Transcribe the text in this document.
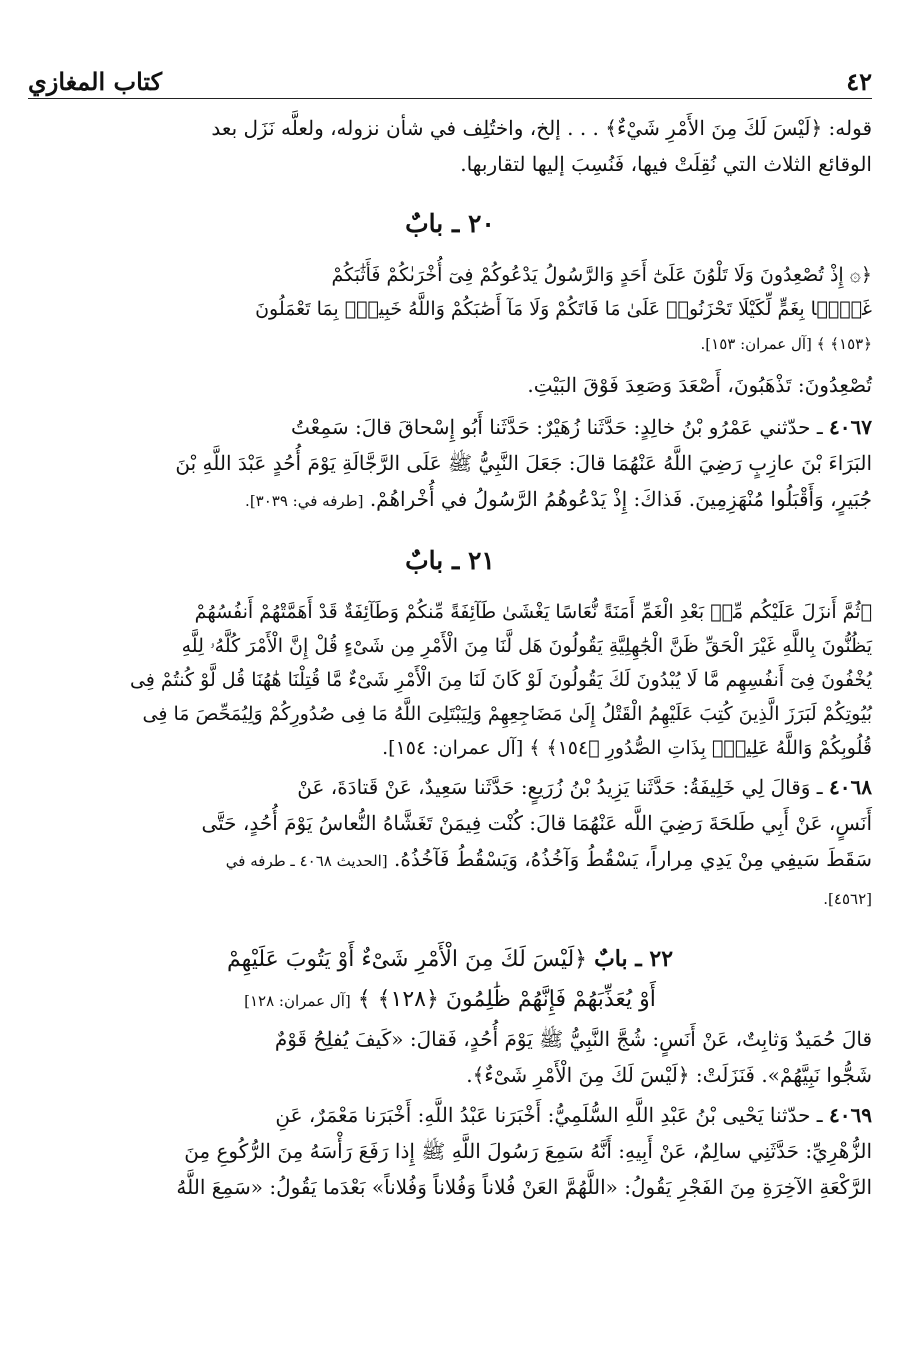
٤٢
كتاب المغازي

قوله: ﴿لَيْسَ لَكَ مِنَ الأَمْرِ شَيْءٌ﴾ . . . إلخ، واختُلِف في شأن نزوله، ولعلَّه نَزَل بعد

الوقائع الثلاث التي نُقِلَتْ فيها، فَنُسِبَ إليها لتقاربها.

٢٠ ـ بابٌ

﴿۞ إِذْ تُصْعِدُونَ وَلَا تَلْوُنَ عَلَىٰٓ أَحَدٍ وَالرَّسُولُ يَدْعُوكُمْ فِىٓ أُخْرَىٰكُمْ فَأَثَٰبَكُمْ

غَمًّۢا بِغَمٍّ لِّكَيْلَا تَحْزَنُوا۟ عَلَىٰ مَا فَاتَكُمْ وَلَا مَآ أَصَٰبَكُمْ وَاللَّهُ خَبِيرٌۢ بِمَا تَعْمَلُونَ

﴿١٥٣﴾ ﴾ [آل عمران: ١٥٣].

تُصْعِدُونَ: تَذْهَبُونَ، أَصْعَدَ وَصَعِدَ فَوْقَ البَيْتِ.

٤٠٦٧ ـ حدّثني عَمْرُو بْنُ خالِدٍ: حَدَّثَنا زُهَيْرٌ: حَدَّثَنا أَبُو إِسْحاقَ قالَ: سَمِعْتُ

البَرَاءَ بْنَ عازِبٍ رَضِيَ اللَّهُ عَنْهُمَا قالَ: جَعَلَ النَّبِيُّ ﷺ عَلَى الرَّجَّالَةِ يَوْمَ أُحُدٍ عَبْدَ اللَّهِ بْنَ

جُبَيرٍ، وَأَقْبَلُوا مُنْهَزِمِينَ. فَذاكَ: إِذْ يَدْعُوهُمُ الرَّسُولُ في أُخْراهُمْ. [طرفه في: ٣٠٣٩].

٢١ ـ بابٌ

﴿ثُمَّ أَنزَلَ عَلَيْكُم مِّنۢ بَعْدِ الْغَمِّ أَمَنَةً نُّعَاسًا يَغْشَىٰ طَآئِفَةً مِّنكُمْ وَطَآئِفَةٌ قَدْ أَهَمَّتْهُمْ أَنفُسُهُمْ

يَظُنُّونَ بِاللَّهِ غَيْرَ الْحَقِّ ظَنَّ الْجَٰهِلِيَّةِ يَقُولُونَ هَل لَّنَا مِنَ الْأَمْرِ مِن شَىْءٍ قُلْ إِنَّ الْأَمْرَ كُلَّهُۥ لِلَّهِ

يُخْفُونَ فِىٓ أَنفُسِهِم مَّا لَا يُبْدُونَ لَكَ يَقُولُونَ لَوْ كَانَ لَنَا مِنَ الْأَمْرِ شَىْءٌ مَّا قُتِلْنَا هَٰهُنَا قُل لَّوْ كُنتُمْ فِى

بُيُوتِكُمْ لَبَرَزَ الَّذِينَ كُتِبَ عَلَيْهِمُ الْقَتْلُ إِلَىٰ مَضَاجِعِهِمْ وَلِيَبْتَلِىَ اللَّهُ مَا فِى صُدُورِكُمْ وَلِيُمَحِّصَ مَا فِى

قُلُوبِكُمْ وَاللَّهُ عَلِيمٌۢ بِذَاتِ الصُّدُورِ ﴿١٥٤﴾ ﴾ [آل عمران: ١٥٤].

٤٠٦٨ ـ وَقالَ لِي خَلِيفَةُ: حَدَّثَنا يَزِيدُ بْنُ زُرَيعٍ: حَدَّثَنا سَعِيدٌ، عَنْ قَتادَةَ، عَنْ

أَنَسٍ، عَنْ أَبِي طَلحَةَ رَضِيَ اللَّه عَنْهُمَا قالَ: كُنْت فِيمَنْ تَغَشَّاهُ النُّعاسُ يَوْمَ أُحُدٍ، حَتَّى

سَقَطَ سَيفِي مِنْ يَدِي مِراراً، يَسْقُطُ وَآخُذُهُ، وَيَسْقُطُ فَآخُذُهُ. [الحديث ٤٠٦٨ ـ طرفه في

[٤٥٦٢].

٢٢ ـ بابٌ ﴿لَيْسَ لَكَ مِنَ الْأَمْرِ شَىْءٌ أَوْ يَتُوبَ عَلَيْهِمْ
أَوْ يُعَذِّبَهُمْ فَإِنَّهُمْ ظَٰلِمُونَ ﴿١٢٨﴾ ﴾ [آل عمران: ١٢٨]

قالَ حُمَيدٌ وَثابِتٌ، عَنْ أَنَسٍ: شُجَّ النَّبِيُّ ﷺ يَوْمَ أُحُدٍ، فَقالَ: «كَيفَ يُفلِحُ قَوْمٌ

شَجُّوا نَبِيَّهُمْ». فَنَزَلَتْ: ﴿لَيْسَ لَكَ مِنَ الْأَمْرِ شَىْءٌ﴾.

٤٠٦٩ ـ حدّثنا يَحْيى بْنُ عَبْدِ اللَّهِ السُّلَمِيُّ: أَخْبَرَنا عَبْدُ اللَّهِ: أَخْبَرَنا مَعْمَرٌ، عَنِ

الزُّهْرِيِّ: حَدَّثَنِي سالِمٌ، عَنْ أَبِيهِ: أَنَّهُ سَمِعَ رَسُولَ اللَّهِ ﷺ إِذا رَفَعَ رَأْسَهُ مِنَ الرُّكُوعِ مِنَ

الرَّكْعَةِ الآخِرَةِ مِنَ الفَجْرِ يَقُولُ: «اللَّهُمَّ العَنْ فُلاناً وَفُلاناً وَفُلاناً» بَعْدَما يَقُولُ: «سَمِعَ اللَّهُ
